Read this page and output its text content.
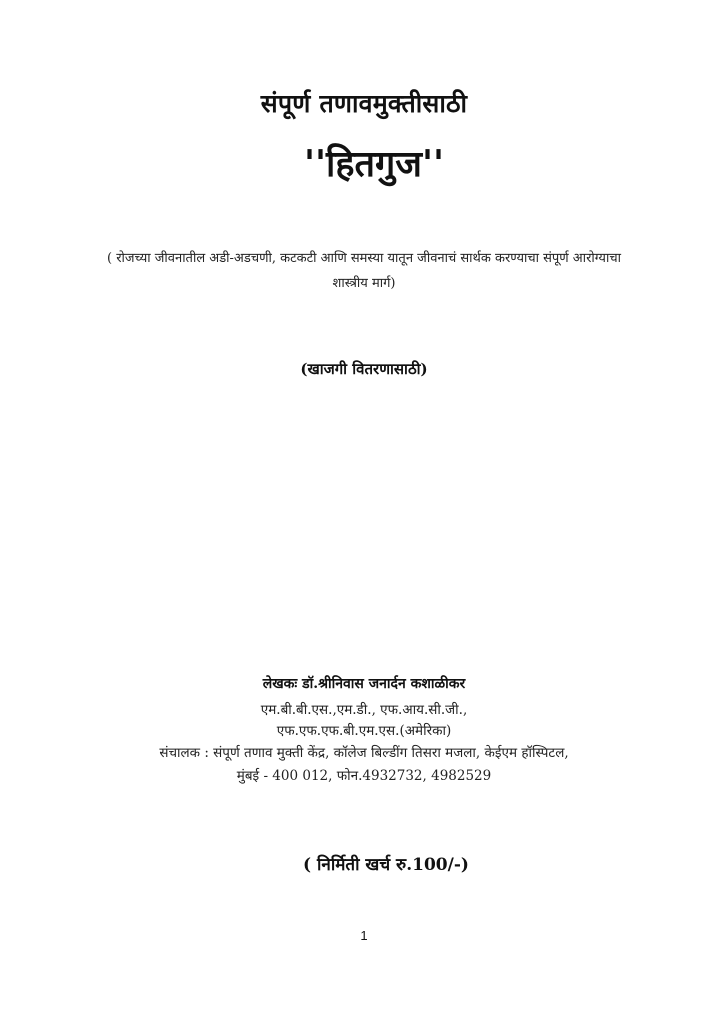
संपूर्ण तणावमुक्तीसाठी
''हितगुज''
( रोजच्या जीवनातील अडी-अडचणी, कटकटी आणि समस्या यातून जीवनाचं सार्थक करण्याचा संपूर्ण आरोग्याचा
शास्त्रीय मार्ग)
(खाजगी वितरणासाठी)
लेखकः डॉ.श्रीनिवास जनार्दन कशाळीकर
एम.बी.बी.एस.,एम.डी., एफ.आय.सी.जी.,
एफ.एफ.एफ.बी.एम.एस.(अमेरिका)
संचालक : संपूर्ण तणाव मुक्ती केंद्र, कॉलेज बिल्डींग तिसरा मजला, केईएम हॉस्पिटल,
मुंबई - 400 012, फोन.4932732, 4982529
( निर्मिती खर्च रु.100/-)
1
